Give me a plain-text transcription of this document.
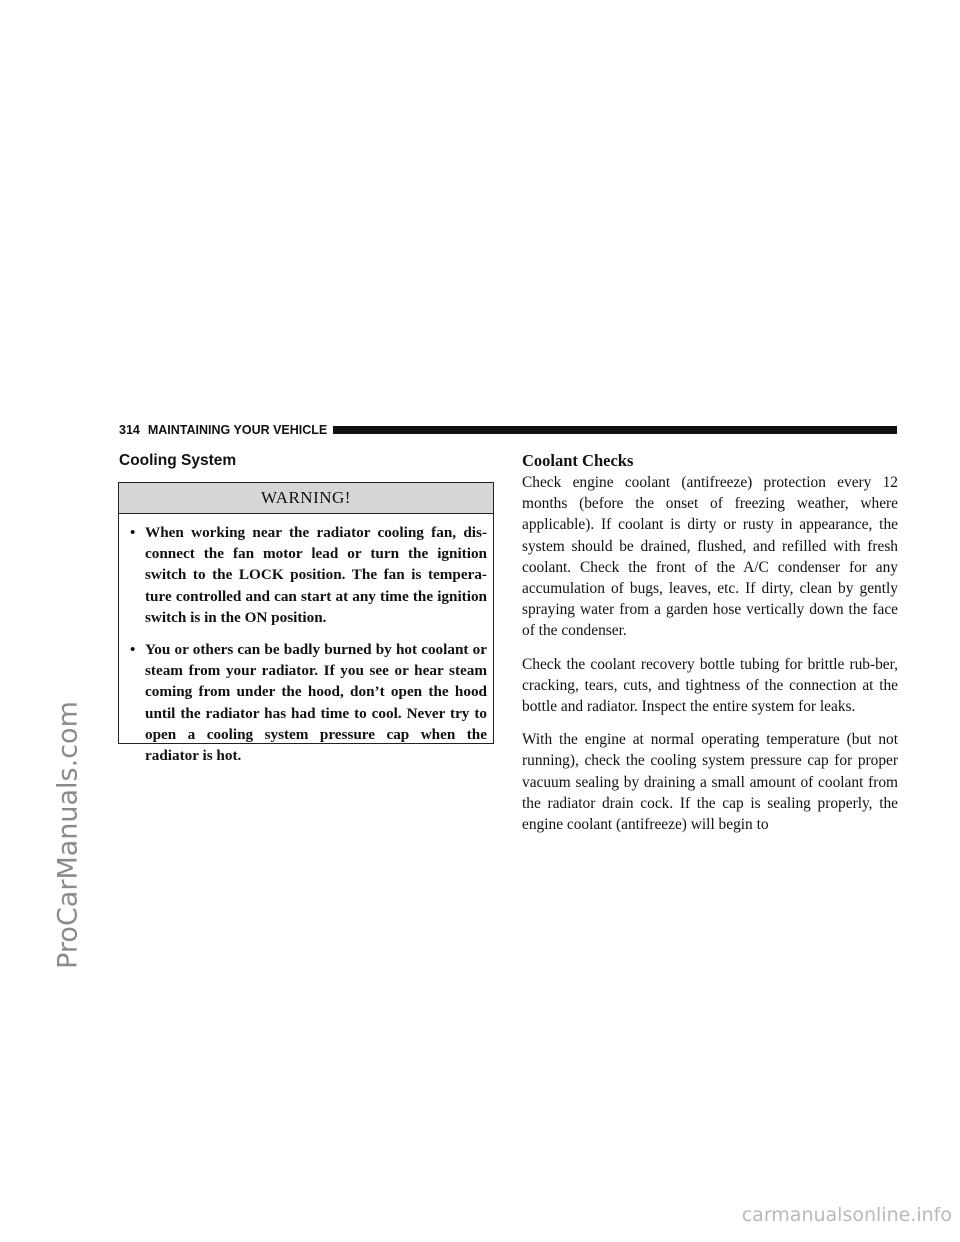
ProCarManuals.com
314 MAINTAINING YOUR VEHICLE
Cooling System
WARNING!
• When working near the radiator cooling fan, dis-connect the fan motor lead or turn the ignition switch to the LOCK position. The fan is tempera-ture controlled and can start at any time the ignition switch is in the ON position.
• You or others can be badly burned by hot coolant or steam from your radiator. If you see or hear steam coming from under the hood, don’t open the hood until the radiator has had time to cool. Never try to open a cooling system pressure cap when the radiator is hot.
Coolant Checks

Check engine coolant (antifreeze) protection every 12 months (before the onset of freezing weather, where applicable). If coolant is dirty or rusty in appearance, the system should be drained, flushed, and refilled with fresh coolant. Check the front of the A/C condenser for any accumulation of bugs, leaves, etc. If dirty, clean by gently spraying water from a garden hose vertically down the face of the condenser.

Check the coolant recovery bottle tubing for brittle rub-ber, cracking, tears, cuts, and tightness of the connection at the bottle and radiator. Inspect the entire system for leaks.

With the engine at normal operating temperature (but not running), check the cooling system pressure cap for proper vacuum sealing by draining a small amount of coolant from the radiator drain cock. If the cap is sealing properly, the engine coolant (antifreeze) will begin to

carmanualsonline.info
